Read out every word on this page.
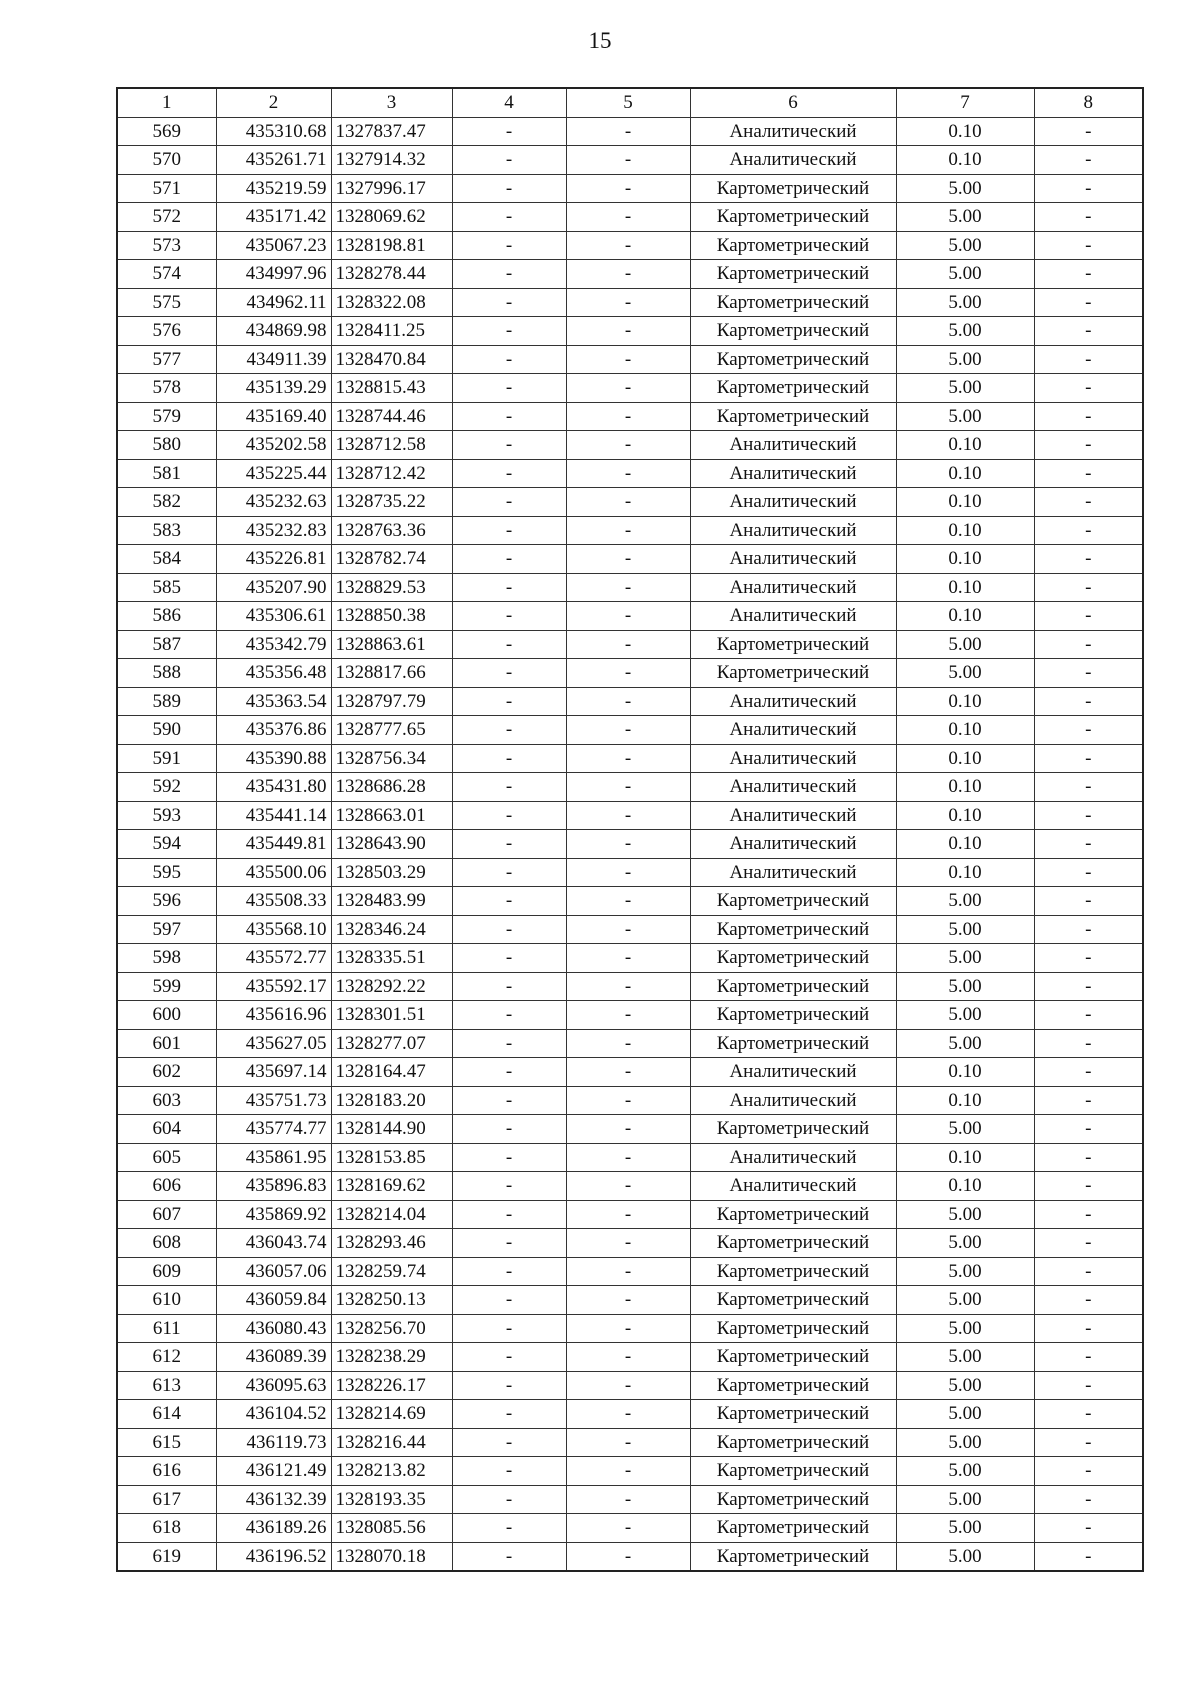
15
1	2	3	4	5	6	7	8
569	435310.68	1327837.47	-	-	Аналитический	0.10	-
570	435261.71	1327914.32	-	-	Аналитический	0.10	-
571	435219.59	1327996.17	-	-	Картометрический	5.00	-
572	435171.42	1328069.62	-	-	Картометрический	5.00	-
573	435067.23	1328198.81	-	-	Картометрический	5.00	-
574	434997.96	1328278.44	-	-	Картометрический	5.00	-
575	434962.11	1328322.08	-	-	Картометрический	5.00	-
576	434869.98	1328411.25	-	-	Картометрический	5.00	-
577	434911.39	1328470.84	-	-	Картометрический	5.00	-
578	435139.29	1328815.43	-	-	Картометрический	5.00	-
579	435169.40	1328744.46	-	-	Картометрический	5.00	-
580	435202.58	1328712.58	-	-	Аналитический	0.10	-
581	435225.44	1328712.42	-	-	Аналитический	0.10	-
582	435232.63	1328735.22	-	-	Аналитический	0.10	-
583	435232.83	1328763.36	-	-	Аналитический	0.10	-
584	435226.81	1328782.74	-	-	Аналитический	0.10	-
585	435207.90	1328829.53	-	-	Аналитический	0.10	-
586	435306.61	1328850.38	-	-	Аналитический	0.10	-
587	435342.79	1328863.61	-	-	Картометрический	5.00	-
588	435356.48	1328817.66	-	-	Картометрический	5.00	-
589	435363.54	1328797.79	-	-	Аналитический	0.10	-
590	435376.86	1328777.65	-	-	Аналитический	0.10	-
591	435390.88	1328756.34	-	-	Аналитический	0.10	-
592	435431.80	1328686.28	-	-	Аналитический	0.10	-
593	435441.14	1328663.01	-	-	Аналитический	0.10	-
594	435449.81	1328643.90	-	-	Аналитический	0.10	-
595	435500.06	1328503.29	-	-	Аналитический	0.10	-
596	435508.33	1328483.99	-	-	Картометрический	5.00	-
597	435568.10	1328346.24	-	-	Картометрический	5.00	-
598	435572.77	1328335.51	-	-	Картометрический	5.00	-
599	435592.17	1328292.22	-	-	Картометрический	5.00	-
600	435616.96	1328301.51	-	-	Картометрический	5.00	-
601	435627.05	1328277.07	-	-	Картометрический	5.00	-
602	435697.14	1328164.47	-	-	Аналитический	0.10	-
603	435751.73	1328183.20	-	-	Аналитический	0.10	-
604	435774.77	1328144.90	-	-	Картометрический	5.00	-
605	435861.95	1328153.85	-	-	Аналитический	0.10	-
606	435896.83	1328169.62	-	-	Аналитический	0.10	-
607	435869.92	1328214.04	-	-	Картометрический	5.00	-
608	436043.74	1328293.46	-	-	Картометрический	5.00	-
609	436057.06	1328259.74	-	-	Картометрический	5.00	-
610	436059.84	1328250.13	-	-	Картометрический	5.00	-
611	436080.43	1328256.70	-	-	Картометрический	5.00	-
612	436089.39	1328238.29	-	-	Картометрический	5.00	-
613	436095.63	1328226.17	-	-	Картометрический	5.00	-
614	436104.52	1328214.69	-	-	Картометрический	5.00	-
615	436119.73	1328216.44	-	-	Картометрический	5.00	-
616	436121.49	1328213.82	-	-	Картометрический	5.00	-
617	436132.39	1328193.35	-	-	Картометрический	5.00	-
618	436189.26	1328085.56	-	-	Картометрический	5.00	-
619	436196.52	1328070.18	-	-	Картометрический	5.00	-
